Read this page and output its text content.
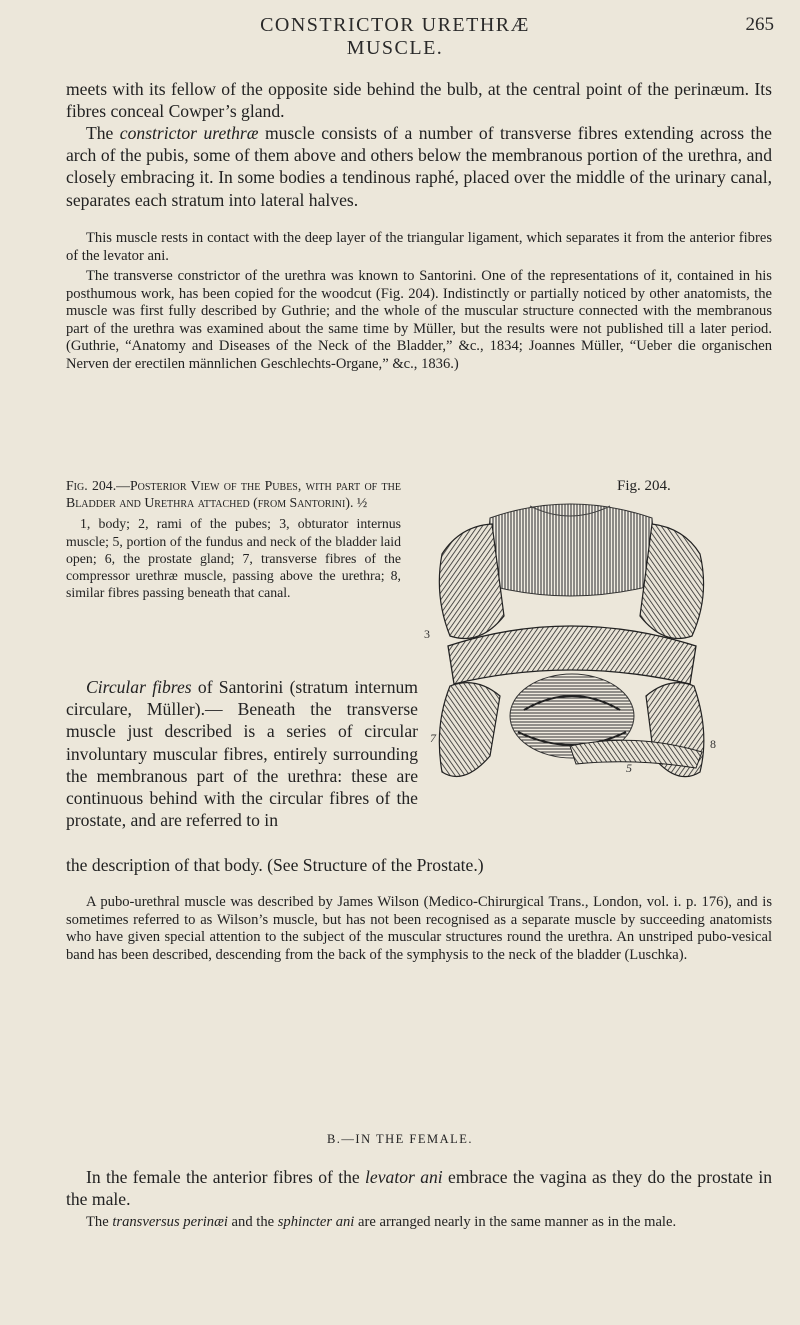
CONSTRICTOR URETHRÆ MUSCLE.
265

meets with its fellow of the opposite side behind the bulb, at the central point of the perinæum. Its fibres conceal Cowper’s gland.

The constrictor urethræ muscle consists of a number of transverse fibres extending across the arch of the pubis, some of them above and others below the membranous portion of the urethra, and closely embracing it. In some bodies a tendinous raphé, placed over the middle of the urinary canal, separates each stratum into lateral halves.

This muscle rests in contact with the deep layer of the triangular ligament, which separates it from the anterior fibres of the levator ani.

The transverse constrictor of the urethra was known to Santorini. One of the representations of it, contained in his posthumous work, has been copied for the woodcut (Fig. 204). Indistinctly or partially noticed by other anatomists, the muscle was first fully described by Guthrie; and the whole of the muscular structure connected with the membranous part of the urethra was examined about the same time by Müller, but the results were not published till a later period. (Guthrie, “Anatomy and Diseases of the Neck of the Bladder,” &c., 1834; Joannes Müller, “Ueber die organischen Nerven der erectilen männlichen Geschlechts-Organe,” &c., 1836.)

Fig. 204.—Posterior View of the Pubes, with part of the Bladder and Urethra attached (from Santorini). ½

1, body; 2, rami of the pubes; 3, obturator internus muscle; 5, portion of the fundus and neck of the bladder laid open; 6, the prostate gland; 7, transverse fibres of the compressor urethræ muscle, passing above the urethra; 8, similar fibres passing beneath that canal.

Fig. 204.
3
7	8
5

Circular fibres of Santorini (stratum internum circulare, Müller).— Beneath the transverse muscle just described is a series of circular involuntary muscular fibres, entirely surrounding the membranous part of the urethra: these are continuous behind with the circular fibres of the prostate, and are referred to in

the description of that body. (See Structure of the Prostate.)

A pubo-urethral muscle was described by James Wilson (Medico-Chirurgical Trans., London, vol. i. p. 176), and is sometimes referred to as Wilson’s muscle, but has not been recognised as a separate muscle by succeeding anatomists who have given special attention to the subject of the muscular structures round the urethra. An unstriped pubo-vesical band has been described, descending from the back of the symphysis to the neck of the bladder (Luschka).

B.—IN THE FEMALE.

In the female the anterior fibres of the levator ani embrace the vagina as they do the prostate in the male.

The transversus perinæi and the sphincter ani are arranged nearly in the same manner as in the male.
